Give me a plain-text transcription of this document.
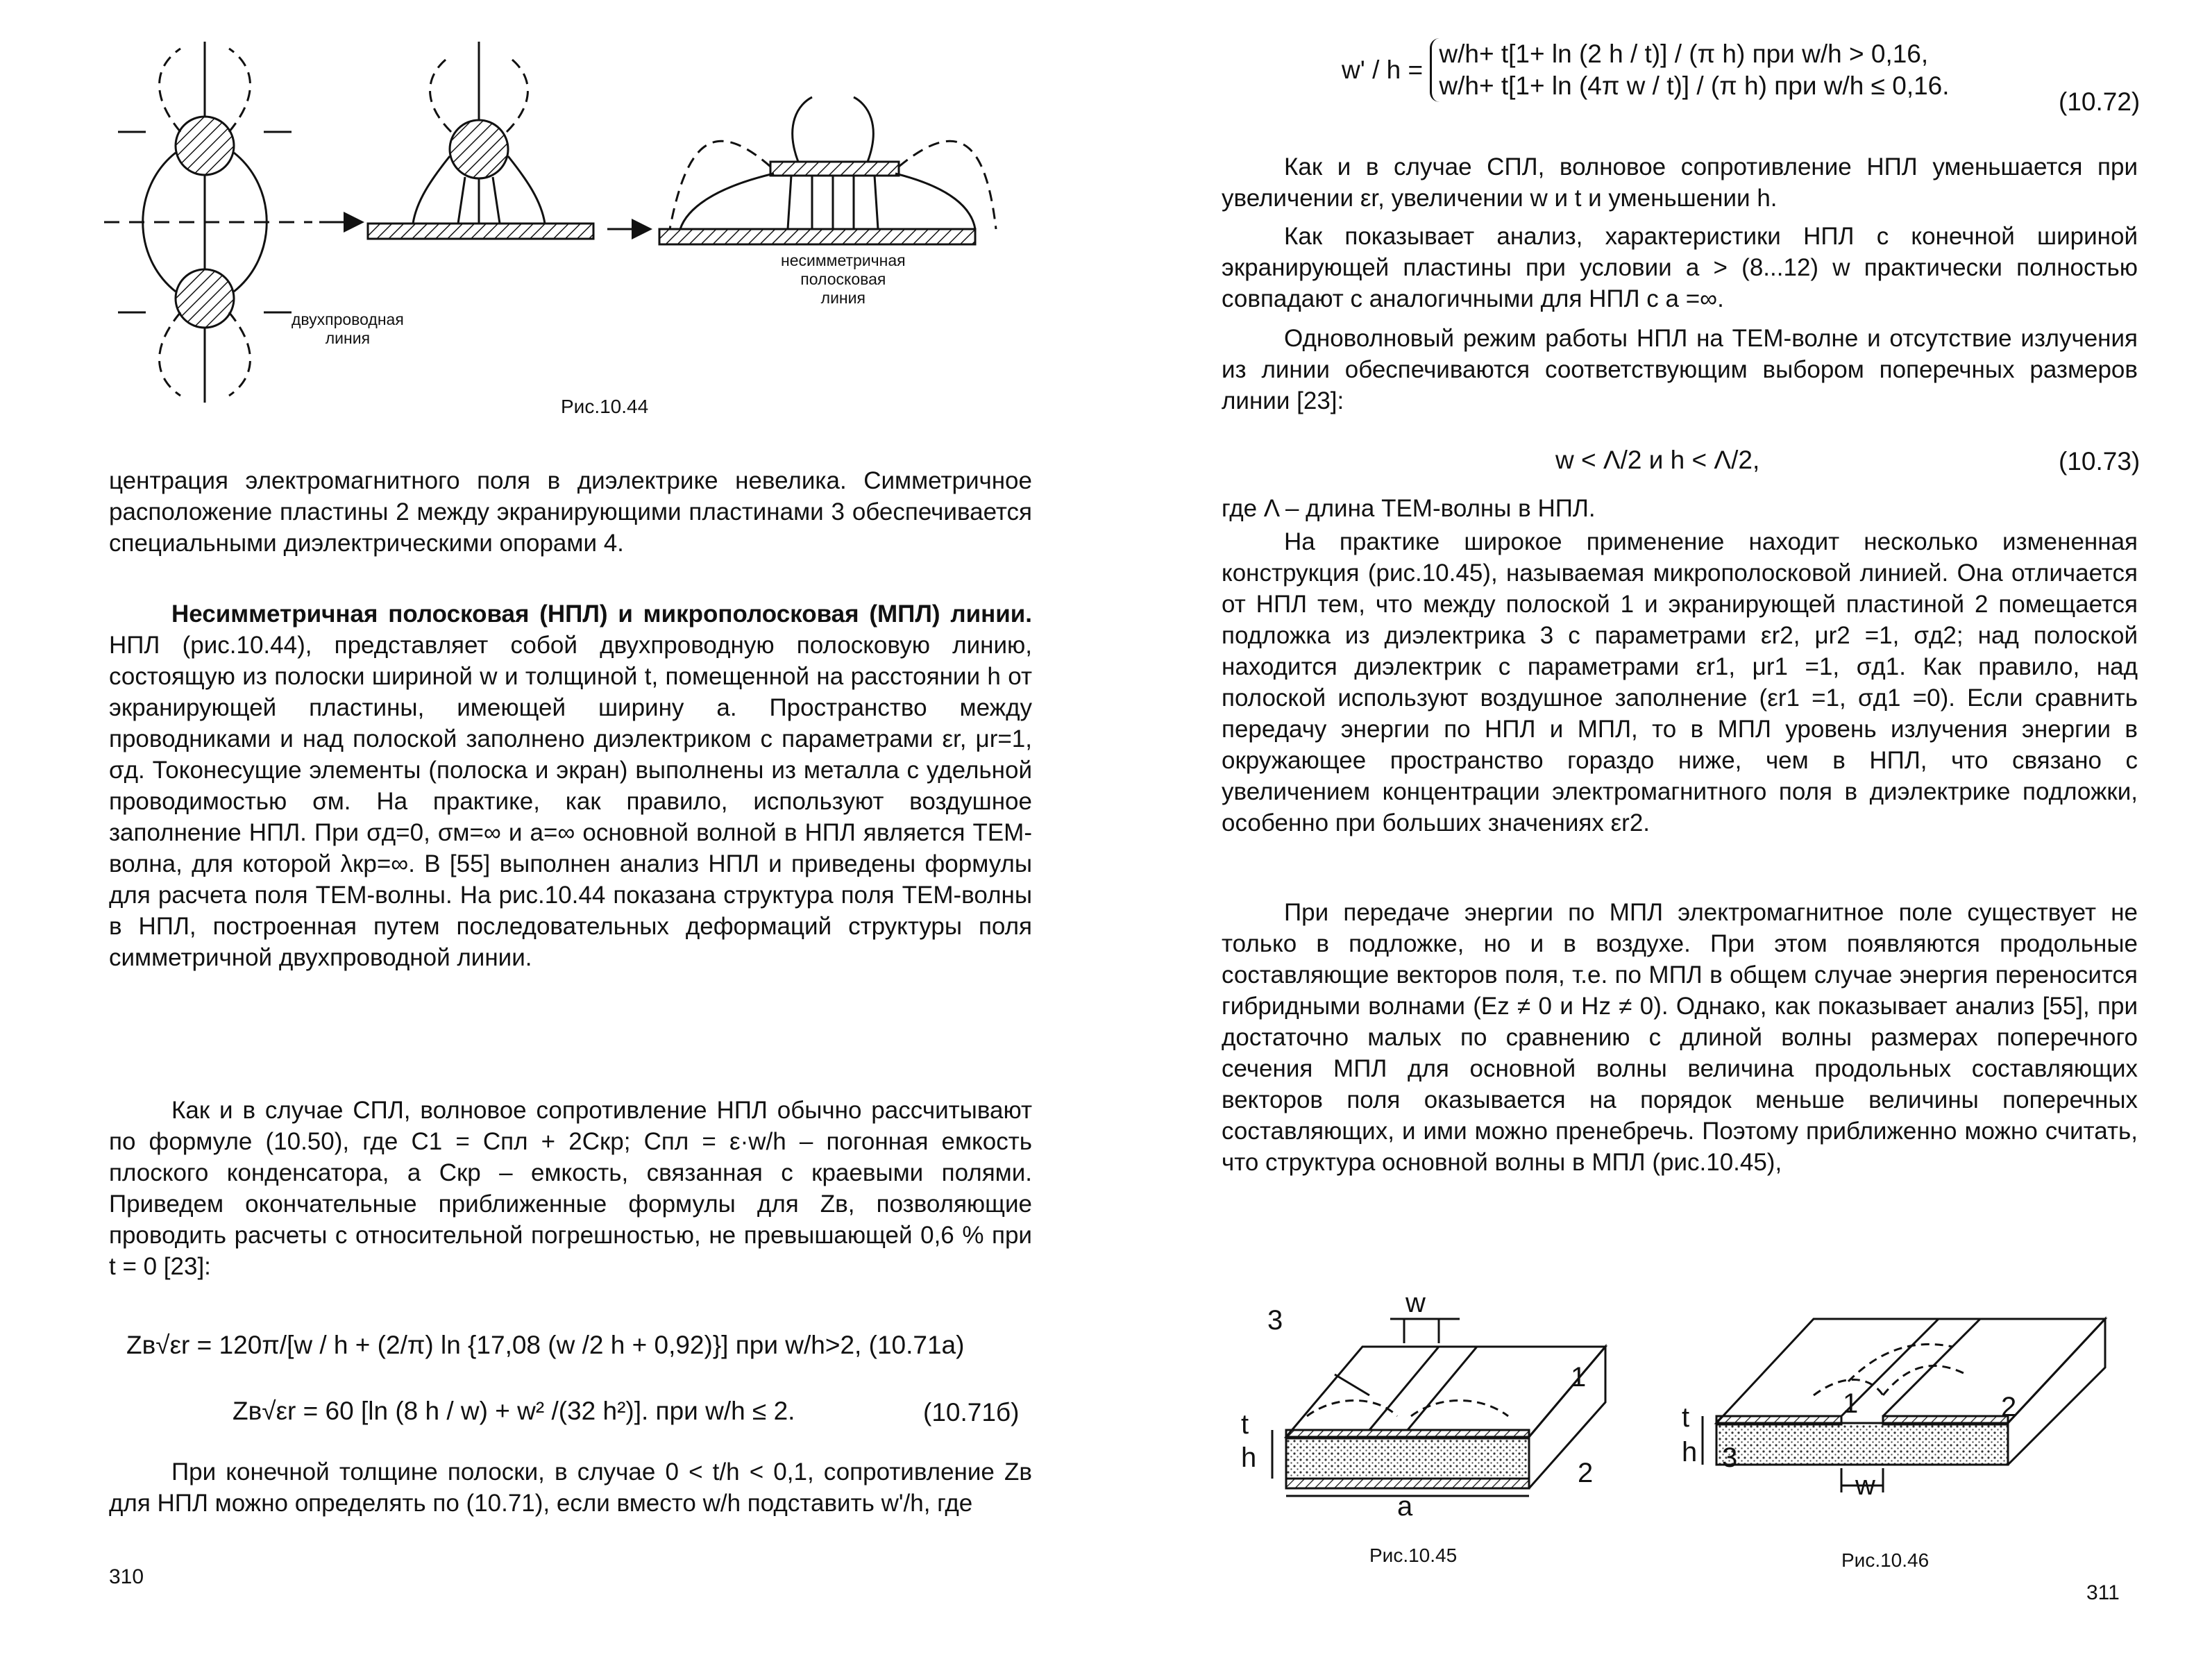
двухпроводная
линия
несимметричная
полосковая
линия
Рис.10.44

центрация электромагнитного поля в диэлектрике невелика. Симметричное расположение пластины 2 между экранирующими пластинами 3 обеспечивается специальными диэлектрическими опорами 4.

Несимметричная полосковая (НПЛ) и микрополосковая (МПЛ) линии. НПЛ (рис.10.44), представляет собой двухпроводную полосковую линию, состоящую из полоски шириной w и толщиной t, помещенной на расстоянии h от экранирующей пластины, имеющей ширину a. Пространство между проводниками и над полоской заполнено диэлектриком с параметрами εr, μr=1, σд. Токонесущие элементы (полоска и экран) выполнены из металла с удельной проводимостью σм. На практике, как правило, используют воздушное заполнение НПЛ. При σд=0, σм=∞ и a=∞ основной волной в НПЛ является TEM-волна, для которой λкр=∞. В [55] выполнен анализ НПЛ и приведены формулы для расчета поля TEM-волны. На рис.10.44 показана структура поля TEM-волны в НПЛ, построенная путем последовательных деформаций структуры поля симметричной двухпроводной линии.

Как и в случае СПЛ, волновое сопротивление НПЛ обычно рассчитывают по формуле (10.50), где C1 = Cпл + 2Cкр; Cпл = ε·w/h – погонная емкость плоского конденсатора, а Cкр – емкость, связанная с краевыми полями. Приведем окончательные приближенные формулы для Zв, позволяющие проводить расчеты с относительной погрешностью, не превышающей 0,6 % при t = 0 [23]:

Zв√εr = 120π/[w / h + (2/π) ln {17,08 (w /2 h + 0,92)}] при w/h>2, (10.71а)
Zв√εr = 60 [ln (8 h / w) + w² /(32 h²)]. при w/h ≤ 2.	(10.71б)

При конечной толщине полоски, в случае 0 < t/h < 0,1, сопротивление Zв для НПЛ можно определять по (10.71), если вместо w/h подставить w'/h, где

310
w' / h =
w/h+ t[1+ ln (2 h / t)] / (π h) при w/h > 0,16,
w/h+ t[1+ ln (4π w / t)] / (π h) при w/h ≤ 0,16.
(10.72)

Как и в случае СПЛ, волновое сопротивление НПЛ уменьшается при увеличении εr, увеличении w и t и уменьшении h.

Как показывает анализ, характеристики НПЛ с конечной шириной экранирующей пластины при условии a > (8...12) w практически полностью совпадают с аналогичными для НПЛ с a =∞.

Одноволновый режим работы НПЛ на TEM-волне и отсутствие излучения из линии обеспечиваются соответствующим выбором поперечных размеров линии [23]:

w < Λ/2 и h < Λ/2,	(10.73)

где Λ – длина TEM-волны в НПЛ.

На практике широкое применение находит несколько измененная конструкция (рис.10.45), называемая микрополосковой линией. Она отличается от НПЛ тем, что между полоской 1 и экранирующей пластиной 2 помещается подложка из диэлектрика 3 с параметрами εr2, μr2 =1, σд2; над полоской находится диэлектрик с параметрами εr1, μr1 =1, σд1. Как правило, над полоской используют воздушное заполнение (εr1 =1, σд1 =0). Если сравнить передачу энергии по НПЛ и МПЛ, то в МПЛ уровень излучения энергии в окружающее пространство гораздо ниже, чем в НПЛ, что связано с увеличением концентрации электромагнитного поля в диэлектрике подложки, особенно при больших значениях εr2.

При передаче энергии по МПЛ электромагнитное поле существует не только в подложке, но и в воздухе. При этом появляются продольные составляющие векторов поля, т.е. по МПЛ в общем случае энергия переносится гибридными волнами (Ez ≠ 0 и Hz ≠ 0). Однако, как показывает анализ [55], при достаточно малых по сравнению с длиной волны размерах поперечного сечения МПЛ для основной волны величина продольных составляющих векторов поля оказывается на порядок меньше величины поперечных составляющих, и ими можно пренебречь. Поэтому приближенно можно считать, что структура основной волны в МПЛ (рис.10.45),

w
3
t
h
1
2
a
Рис.10.45
1	2
3
t
h
w
Рис.10.46
311
